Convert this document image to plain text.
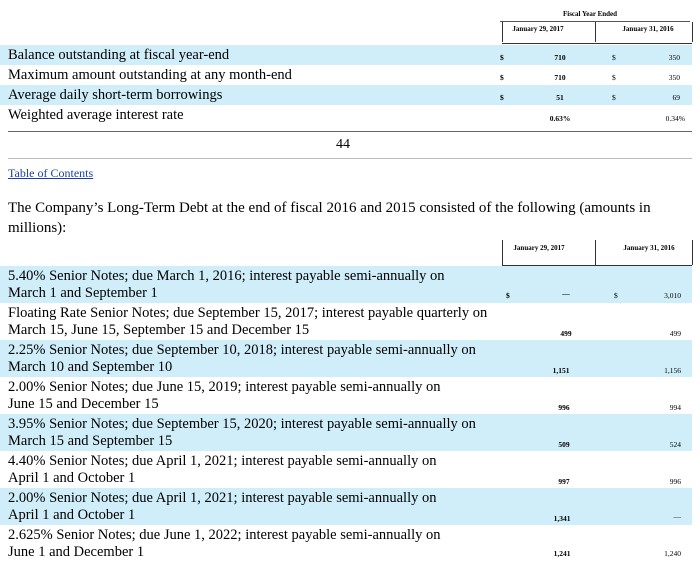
Fiscal Year Ended
January 29, 2017	January 31, 2016
Balance outstanding at fiscal year-end	$	710	$	350
Maximum amount outstanding at any month-end	$	710	$	350
Average daily short-term borrowings	$	51	$	69
Weighted average interest rate	0.63%	0.34%
44
Table of Contents
The Company’s Long-Term Debt at the end of fiscal 2016 and 2015 consisted of the following (amounts in millions):
January 29, 2017	January 31, 2016
5.40% Senior Notes; due March 1, 2016; interest payable semi-annually on
March 1 and September 1	$	—	$	3,010
Floating Rate Senior Notes; due September 15, 2017; interest payable quarterly on
March 15, June 15, September 15 and December 15	499	499
2.25% Senior Notes; due September 10, 2018; interest payable semi-annually on
March 10 and September 10	1,151	1,156
2.00% Senior Notes; due June 15, 2019; interest payable semi-annually on
June 15 and December 15	996	994
3.95% Senior Notes; due September 15, 2020; interest payable semi-annually on
March 15 and September 15	509	524
4.40% Senior Notes; due April 1, 2021; interest payable semi-annually on
April 1 and October 1	997	996
2.00% Senior Notes; due April 1, 2021; interest payable semi-annually on
April 1 and October 1	1,341	—
2.625% Senior Notes; due June 1, 2022; interest payable semi-annually on
June 1 and December 1	1,241	1,240
